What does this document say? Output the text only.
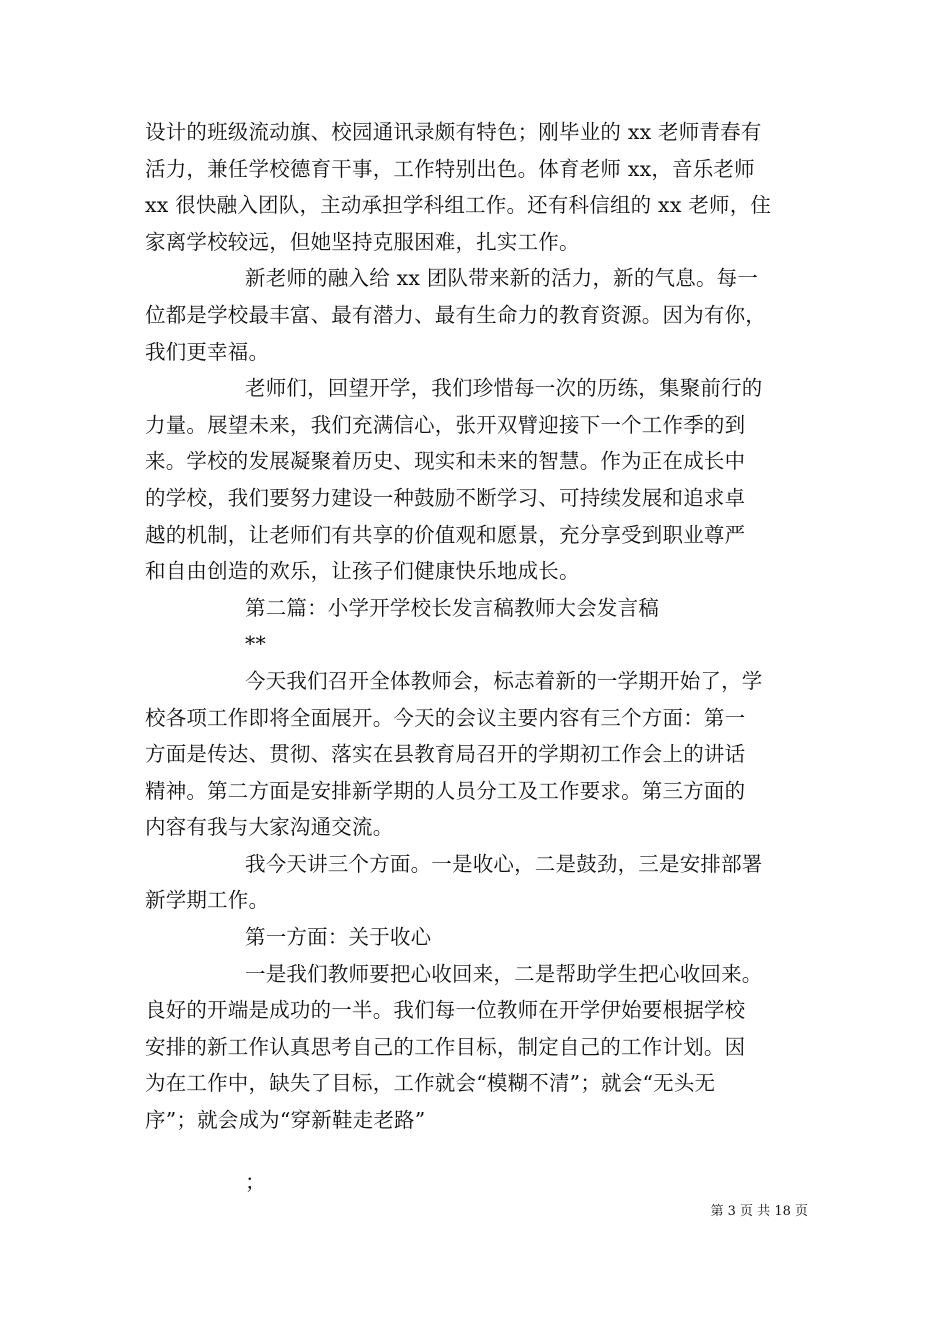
设计的班级流动旗、校园通讯录颇有特色；刚毕业的 xx 老师青春有
活力，兼任学校德育干事，工作特别出色。体育老师 xx，音乐老师
xx 很快融入团队，主动承担学科组工作。还有科信组的 xx 老师，住
家离学校较远，但她坚持克服困难，扎实工作。
新老师的融入给 xx 团队带来新的活力，新的气息。每一
位都是学校最丰富、最有潜力、最有生命力的教育资源。因为有你，
我们更幸福。
老师们，回望开学，我们珍惜每一次的历练，集聚前行的
力量。展望未来，我们充满信心，张开双臂迎接下一个工作季的到
来。学校的发展凝聚着历史、现实和未来的智慧。作为正在成长中
的学校，我们要努力建设一种鼓励不断学习、可持续发展和追求卓
越的机制，让老师们有共享的价值观和愿景，充分享受到职业尊严
和自由创造的欢乐，让孩子们健康快乐地成长。
第二篇：小学开学校长发言稿教师大会发言稿
**
今天我们召开全体教师会，标志着新的一学期开始了，学
校各项工作即将全面展开。今天的会议主要内容有三个方面：第一
方面是传达、贯彻、落实在县教育局召开的学期初工作会上的讲话
精神。第二方面是安排新学期的人员分工及工作要求。第三方面的
内容有我与大家沟通交流。
我今天讲三个方面。一是收心，二是鼓劲，三是安排部署
新学期工作。
第一方面：关于收心
一是我们教师要把心收回来，二是帮助学生把心收回来。
良好的开端是成功的一半。我们每一位教师在开学伊始要根据学校
安排的新工作认真思考自己的工作目标，制定自己的工作计划。因
为在工作中，缺失了目标，工作就会“模糊不清”；就会“无头无
序”；就会成为“穿新鞋走老路”
；
第 3 页 共 18 页
